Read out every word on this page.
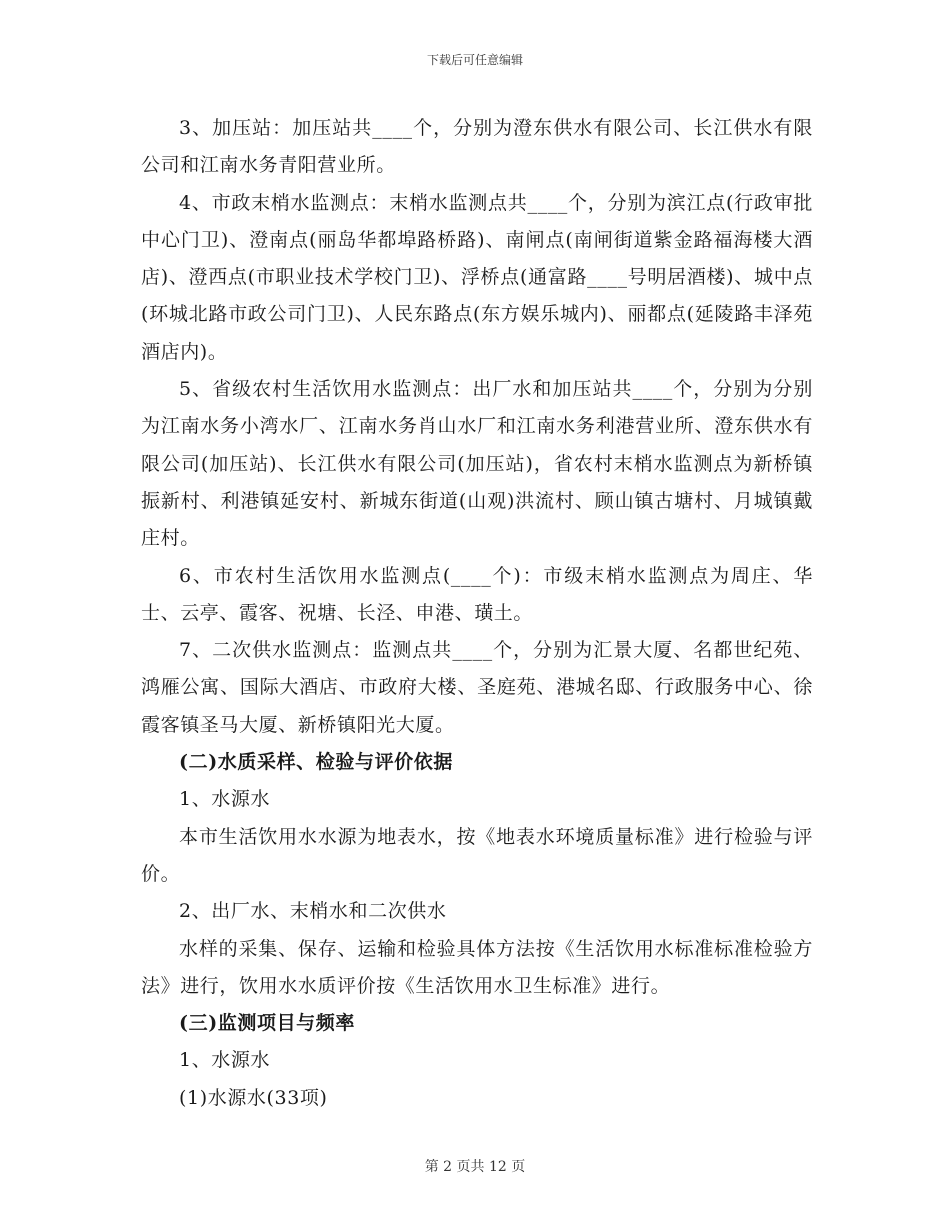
下载后可任意编辑

3、加压站：加压站共____个，分别为澄东供水有限公司、长江供水有限公司和江南水务青阳营业所。

4、市政末梢水监测点：末梢水监测点共____个，分别为滨江点(行政审批中心门卫)、澄南点(丽岛华都埠路桥路)、南闸点(南闸街道紫金路福海楼大酒店)、澄西点(市职业技术学校门卫)、浮桥点(通富路____号明居酒楼)、城中点(环城北路市政公司门卫)、人民东路点(东方娱乐城内)、丽都点(延陵路丰泽苑酒店内)。

5、省级农村生活饮用水监测点：出厂水和加压站共____个，分别为分别为江南水务小湾水厂、江南水务肖山水厂和江南水务利港营业所、澄东供水有限公司(加压站)、长江供水有限公司(加压站)，省农村末梢水监测点为新桥镇振新村、利港镇延安村、新城东街道(山观)洪流村、顾山镇古塘村、月城镇戴庄村。

6、市农村生活饮用水监测点(____个)：市级末梢水监测点为周庄、华士、云亭、霞客、祝塘、长泾、申港、璜土。

7、二次供水监测点：监测点共____个，分别为汇景大厦、名都世纪苑、鸿雁公寓、国际大酒店、市政府大楼、圣庭苑、港城名邸、行政服务中心、徐霞客镇圣马大厦、新桥镇阳光大厦。

(二)水质采样、检验与评价依据

1、水源水

本市生活饮用水水源为地表水，按《地表水环境质量标准》进行检验与评价。

2、出厂水、末梢水和二次供水

水样的采集、保存、运输和检验具体方法按《生活饮用水标准标准检验方法》进行，饮用水水质评价按《生活饮用水卫生标准》进行。

(三)监测项目与频率

1、水源水

(1)水源水(33项)

第 2 页共 12 页
